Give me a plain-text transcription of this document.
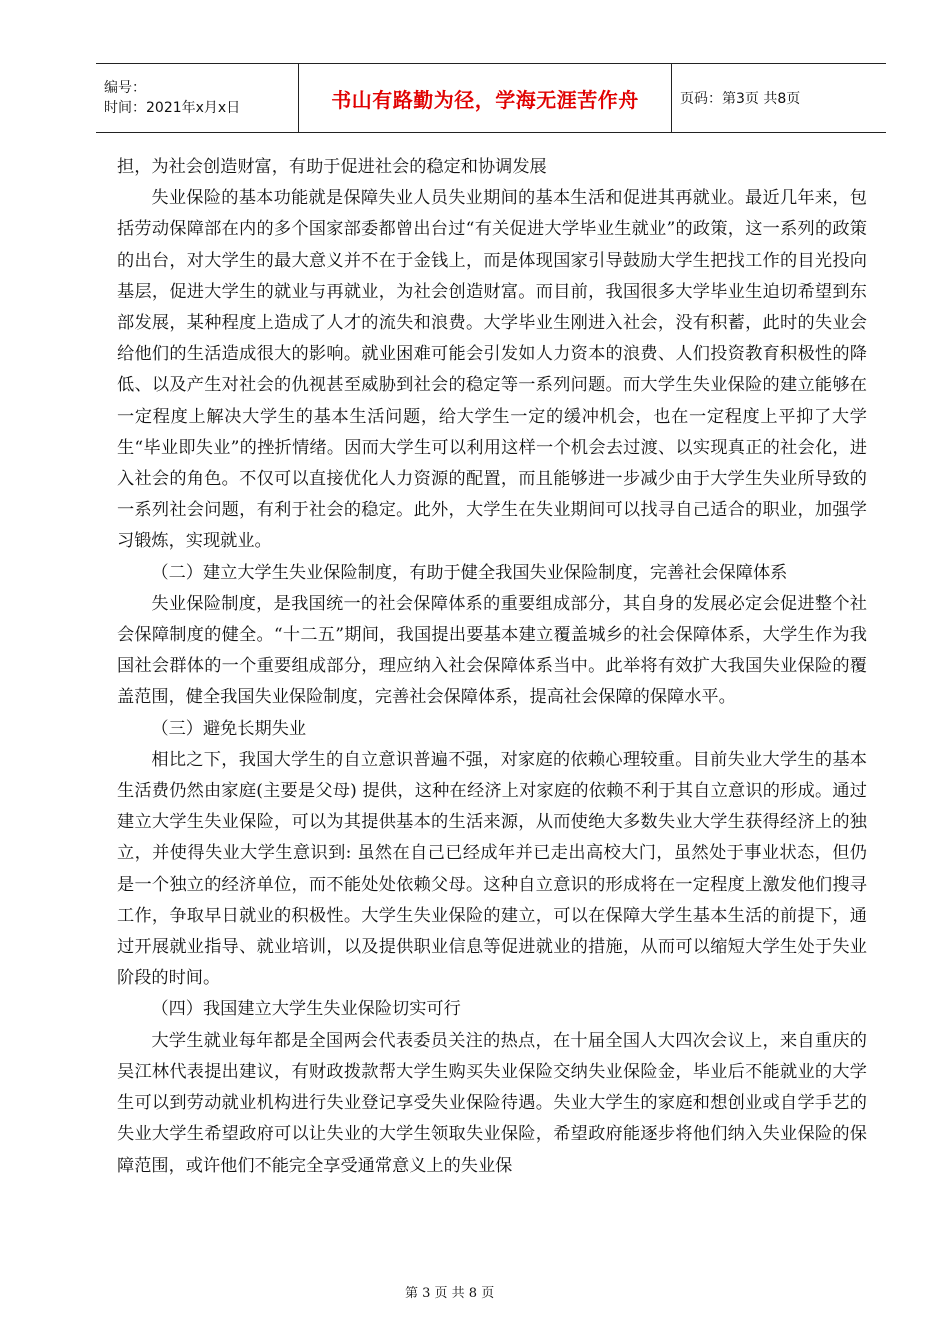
编号：
时间：2021年x月x日	书山有路勤为径，学海无涯苦作舟	页码：第3页 共8页

担，为社会创造财富，有助于促进社会的稳定和协调发展

失业保险的基本功能就是保障失业人员失业期间的基本生活和促进其再就业。最近几年来，包括劳动保障部在内的多个国家部委都曾出台过“有关促进大学毕业生就业”的政策，这一系列的政策的出台，对大学生的最大意义并不在于金钱上，而是体现国家引导鼓励大学生把找工作的目光投向基层，促进大学生的就业与再就业，为社会创造财富。而目前，我国很多大学毕业生迫切希望到东部发展，某种程度上造成了人才的流失和浪费。大学毕业生刚进入社会，没有积蓄，此时的失业会给他们的生活造成很大的影响。就业困难可能会引发如人力资本的浪费、人们投资教育积极性的降低、以及产生对社会的仇视甚至威胁到社会的稳定等一系列问题。而大学生失业保险的建立能够在一定程度上解决大学生的基本生活问题，给大学生一定的缓冲机会，也在一定程度上平抑了大学生“毕业即失业”的挫折情绪。因而大学生可以利用这样一个机会去过渡、以实现真正的社会化，进入社会的角色。不仅可以直接优化人力资源的配置，而且能够进一步减少由于大学生失业所导致的一系列社会问题，有利于社会的稳定。此外，大学生在失业期间可以找寻自己适合的职业，加强学习锻炼，实现就业。

（二）建立大学生失业保险制度，有助于健全我国失业保险制度，完善社会保障体系

失业保险制度，是我国统一的社会保障体系的重要组成部分，其自身的发展必定会促进整个社会保障制度的健全。“十二五”期间，我国提出要基本建立覆盖城乡的社会保障体系，大学生作为我国社会群体的一个重要组成部分，理应纳入社会保障体系当中。此举将有效扩大我国失业保险的覆盖范围，健全我国失业保险制度，完善社会保障体系，提高社会保障的保障水平。

（三）避免长期失业

相比之下，我国大学生的自立意识普遍不强，对家庭的依赖心理较重。目前失业大学生的基本生活费仍然由家庭(主要是父母) 提供，这种在经济上对家庭的依赖不利于其自立意识的形成。通过建立大学生失业保险，可以为其提供基本的生活来源，从而使绝大多数失业大学生获得经济上的独立，并使得失业大学生意识到: 虽然在自己已经成年并已走出高校大门，虽然处于事业状态，但仍是一个独立的经济单位，而不能处处依赖父母。这种自立意识的形成将在一定程度上激发他们搜寻工作，争取早日就业的积极性。大学生失业保险的建立，可以在保障大学生基本生活的前提下，通过开展就业指导、就业培训，以及提供职业信息等促进就业的措施，从而可以缩短大学生处于失业阶段的时间。

（四）我国建立大学生失业保险切实可行

大学生就业每年都是全国两会代表委员关注的热点，在十届全国人大四次会议上，来自重庆的吴江林代表提出建议，有财政拨款帮大学生购买失业保险交纳失业保险金，毕业后不能就业的大学生可以到劳动就业机构进行失业登记享受失业保险待遇。失业大学生的家庭和想创业或自学手艺的失业大学生希望政府可以让失业的大学生领取失业保险，希望政府能逐步将他们纳入失业保险的保障范围，或许他们不能完全享受通常意义上的失业保

第 3 页 共 8 页
